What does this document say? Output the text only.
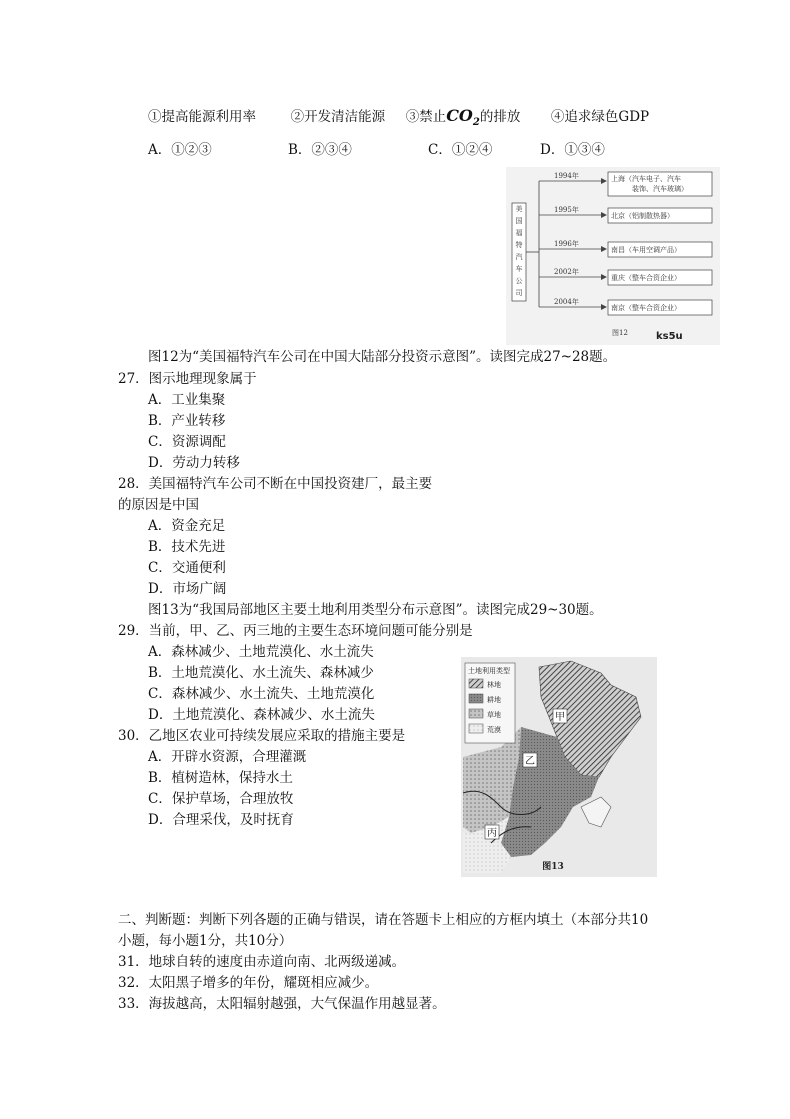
①提高能源利用率	②开发清洁能源 ③禁止$CO_2$的排放 ④追求绿色GDP
A．①②③	B．②③④	C．①②④	D．①③④
美国福特汽车公司
1994年	上海（汽车电子、汽车
装饰、汽车玻璃）
1995年
北京（铝制散热器）
1996年
南昌（车用空调产品）
2002年
重庆（整车合资企业）
2004年
南京（整车合资企业）
图12	ks5u
图12为“美国福特汽车公司在中国大陆部分投资示意图”。读图完成27~28题。
27．图示地理现象属于
A．工业集聚
B．产业转移
C．资源调配
D．劳动力转移
28．美国福特汽车公司不断在中国投资建厂，最主要
的原因是中国
A．资金充足
B．技术先进
C．交通便利
D．市场广阔
图13为“我国局部地区主要土地利用类型分布示意图”。读图完成29~30题。
29．当前，甲、乙、丙三地的主要生态环境问题可能分别是
A．森林减少、土地荒漠化、水土流失
B．土地荒漠化、水土流失、森林减少
C．森林减少、水土流失、土地荒漠化
D．土地荒漠化、森林减少、水土流失
30．乙地区农业可持续发展应采取的措施主要是
A．开辟水资源，合理灌溉
B．植树造林，保持水土
C．保护草场，合理放牧
D．合理采伐，及时抚育
土地利用类型
林地
耕地
草地
荒漠
甲
乙
丙
图13
二、判断题：判断下列各题的正确与错误，请在答题卡上相应的方框内填土（本部分共10
小题，每小题1分，共10分）
31．地球自转的速度由赤道向南、北两级递减。
32．太阳黑子增多的年份，耀斑相应减少。
33．海拔越高，太阳辐射越强，大气保温作用越显著。
